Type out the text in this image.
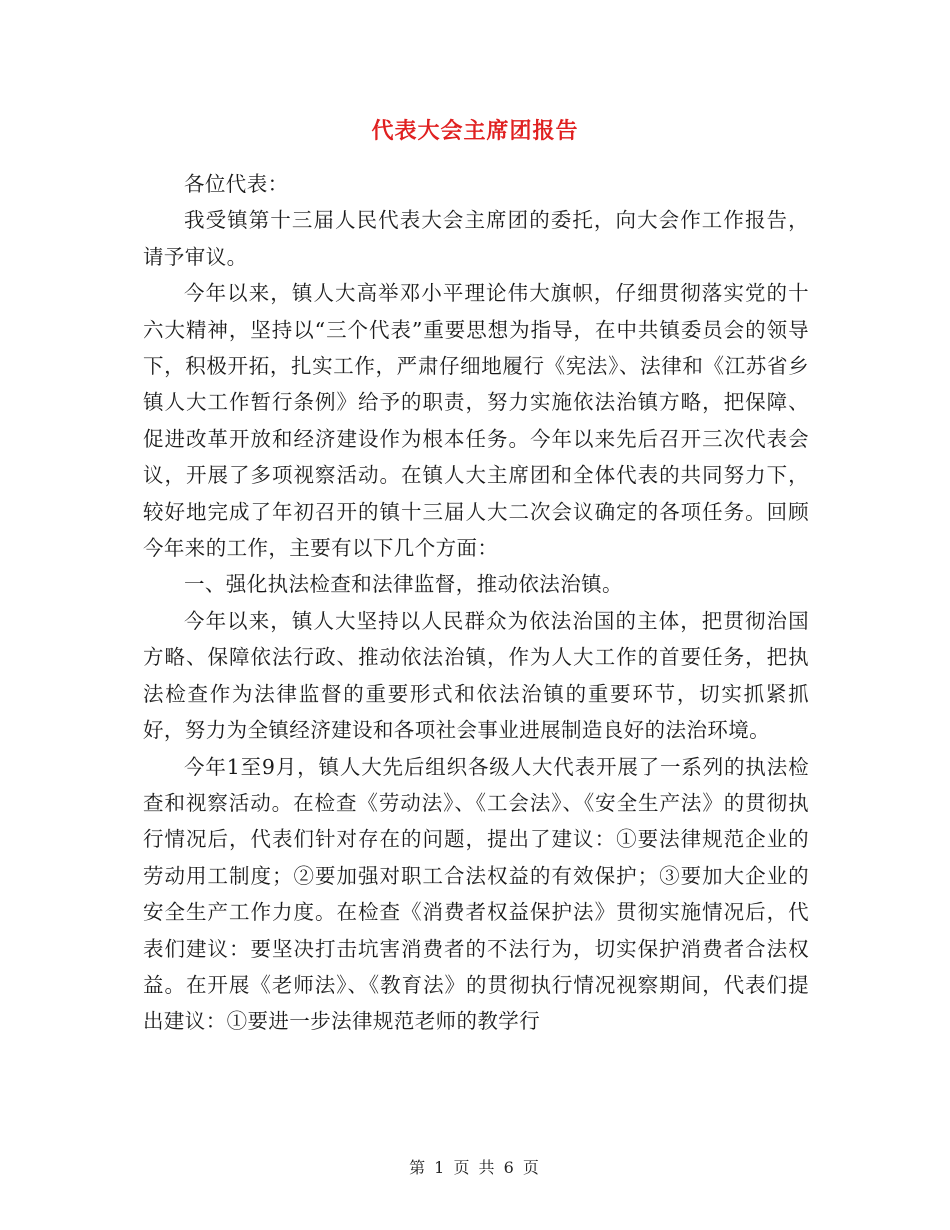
代表大会主席团报告

各位代表：

我受镇第十三届人民代表大会主席团的委托，向大会作工作报告，请予审议。

今年以来，镇人大高举邓小平理论伟大旗帜，仔细贯彻落实党的十六大精神，坚持以“三个代表”重要思想为指导，在中共镇委员会的领导下，积极开拓，扎实工作，严肃仔细地履行《宪法》、法律和《江苏省乡镇人大工作暂行条例》给予的职责，努力实施依法治镇方略，把保障、促进改革开放和经济建设作为根本任务。今年以来先后召开三次代表会议，开展了多项视察活动。在镇人大主席团和全体代表的共同努力下，较好地完成了年初召开的镇十三届人大二次会议确定的各项任务。回顾今年来的工作，主要有以下几个方面：

一、强化执法检查和法律监督，推动依法治镇。

今年以来，镇人大坚持以人民群众为依法治国的主体，把贯彻治国方略、保障依法行政、推动依法治镇，作为人大工作的首要任务，把执法检查作为法律监督的重要形式和依法治镇的重要环节，切实抓紧抓好，努力为全镇经济建设和各项社会事业进展制造良好的法治环境。

今年1至9月，镇人大先后组织各级人大代表开展了一系列的执法检查和视察活动。在检查《劳动法》、《工会法》、《安全生产法》的贯彻执行情况后，代表们针对存在的问题，提出了建议：①要法律规范企业的劳动用工制度；②要加强对职工合法权益的有效保护；③要加大企业的安全生产工作力度。在检查《消费者权益保护法》贯彻实施情况后，代表们建议：要坚决打击坑害消费者的不法行为，切实保护消费者合法权益。在开展《老师法》、《教育法》的贯彻执行情况视察期间，代表们提出建议：①要进一步法律规范老师的教学行

第 1 页 共 6 页
